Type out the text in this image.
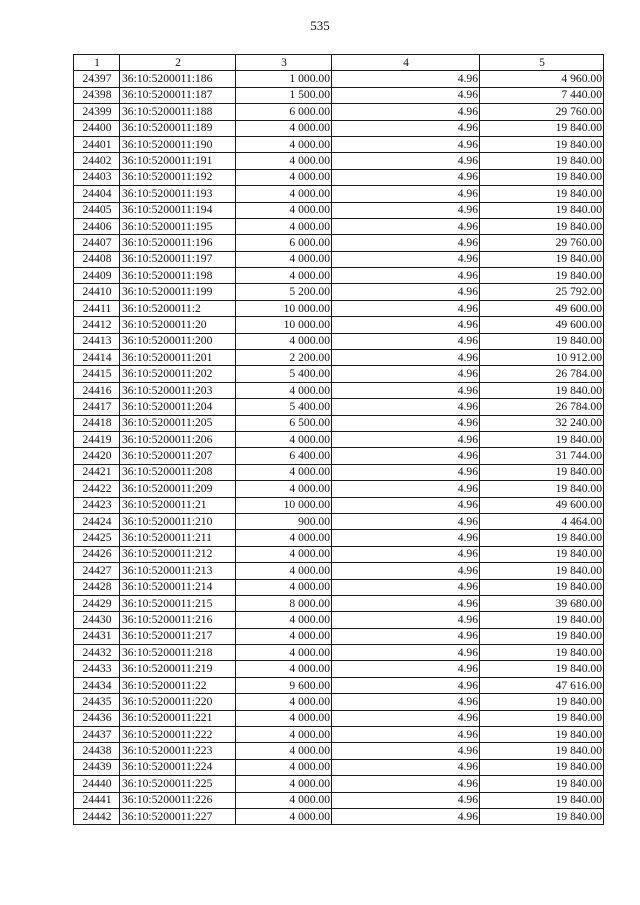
535
1	2	3	4	5
24397	36:10:5200011:186	1 000.00	4.96	4 960.00
24398	36:10:5200011:187	1 500.00	4.96	7 440.00
24399	36:10:5200011:188	6 000.00	4.96	29 760.00
24400	36:10:5200011:189	4 000.00	4.96	19 840.00
24401	36:10:5200011:190	4 000.00	4.96	19 840.00
24402	36:10:5200011:191	4 000.00	4.96	19 840.00
24403	36:10:5200011:192	4 000.00	4.96	19 840.00
24404	36:10:5200011:193	4 000.00	4.96	19 840.00
24405	36:10:5200011:194	4 000.00	4.96	19 840.00
24406	36:10:5200011:195	4 000.00	4.96	19 840.00
24407	36:10:5200011:196	6 000.00	4.96	29 760.00
24408	36:10:5200011:197	4 000.00	4.96	19 840.00
24409	36:10:5200011:198	4 000.00	4.96	19 840.00
24410	36:10:5200011:199	5 200.00	4.96	25 792.00
24411	36:10:5200011:2	10 000.00	4.96	49 600.00
24412	36:10:5200011:20	10 000.00	4.96	49 600.00
24413	36:10:5200011:200	4 000.00	4.96	19 840.00
24414	36:10:5200011:201	2 200.00	4.96	10 912.00
24415	36:10:5200011:202	5 400.00	4.96	26 784.00
24416	36:10:5200011:203	4 000.00	4.96	19 840.00
24417	36:10:5200011:204	5 400.00	4.96	26 784.00
24418	36:10:5200011:205	6 500.00	4.96	32 240.00
24419	36:10:5200011:206	4 000.00	4.96	19 840.00
24420	36:10:5200011:207	6 400.00	4.96	31 744.00
24421	36:10:5200011:208	4 000.00	4.96	19 840.00
24422	36:10:5200011:209	4 000.00	4.96	19 840.00
24423	36:10:5200011:21	10 000.00	4.96	49 600.00
24424	36:10:5200011:210	900.00	4.96	4 464.00
24425	36:10:5200011:211	4 000.00	4.96	19 840.00
24426	36:10:5200011:212	4 000.00	4.96	19 840.00
24427	36:10:5200011:213	4 000.00	4.96	19 840.00
24428	36:10:5200011:214	4 000.00	4.96	19 840.00
24429	36:10:5200011:215	8 000.00	4.96	39 680.00
24430	36:10:5200011:216	4 000.00	4.96	19 840.00
24431	36:10:5200011:217	4 000.00	4.96	19 840.00
24432	36:10:5200011:218	4 000.00	4.96	19 840.00
24433	36:10:5200011:219	4 000.00	4.96	19 840.00
24434	36:10:5200011:22	9 600.00	4.96	47 616.00
24435	36:10:5200011:220	4 000.00	4.96	19 840.00
24436	36:10:5200011:221	4 000.00	4.96	19 840.00
24437	36:10:5200011:222	4 000.00	4.96	19 840.00
24438	36:10:5200011:223	4 000.00	4.96	19 840.00
24439	36:10:5200011:224	4 000.00	4.96	19 840.00
24440	36:10:5200011:225	4 000.00	4.96	19 840.00
24441	36:10:5200011:226	4 000.00	4.96	19 840.00
24442	36:10:5200011:227	4 000.00	4.96	19 840.00
